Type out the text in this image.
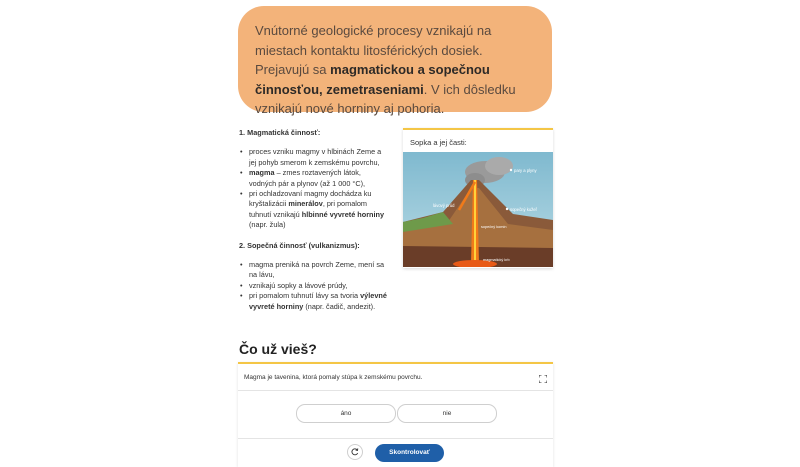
Vnútorné geologické procesy vznikajú na miestach kontaktu litosférických dosiek. Prejavujú sa magmatickou a sopečnou činnosťou, zemetraseniami. V ich dôsledku vznikajú nové horniny aj pohoria.

1. Magmatická činnosť:

• proces vzniku magmy v hlbinách Zeme a jej pohyb smerom k zemskému povrchu,
• magma – zmes roztavených látok, vodných pár a plynov (až 1 000 °C),
• pri ochladzovaní magmy dochádza ku kryštalizácii minerálov, pri pomalom tuhnutí vznikajú hlbinné vyvreté horniny (napr. žula)

2. Sopečná činnosť (vulkanizmus):

• magma preniká na povrch Zeme, mení sa na lávu,
• vznikajú sopky a lávové prúdy,
• pri pomalom tuhnutí lávy sa tvoria výlevné vyvreté horniny (napr. čadič, andezit).
Sopka a jej časti:
pary a plyny
lávový prúd
sopečný kužeľ
sopečný komín
magmatický krb
Čo už vieš?
Magma je tavenina, ktorá pomaly stúpa k zemskému povrchu.
áno	nie
Skontrolovať
